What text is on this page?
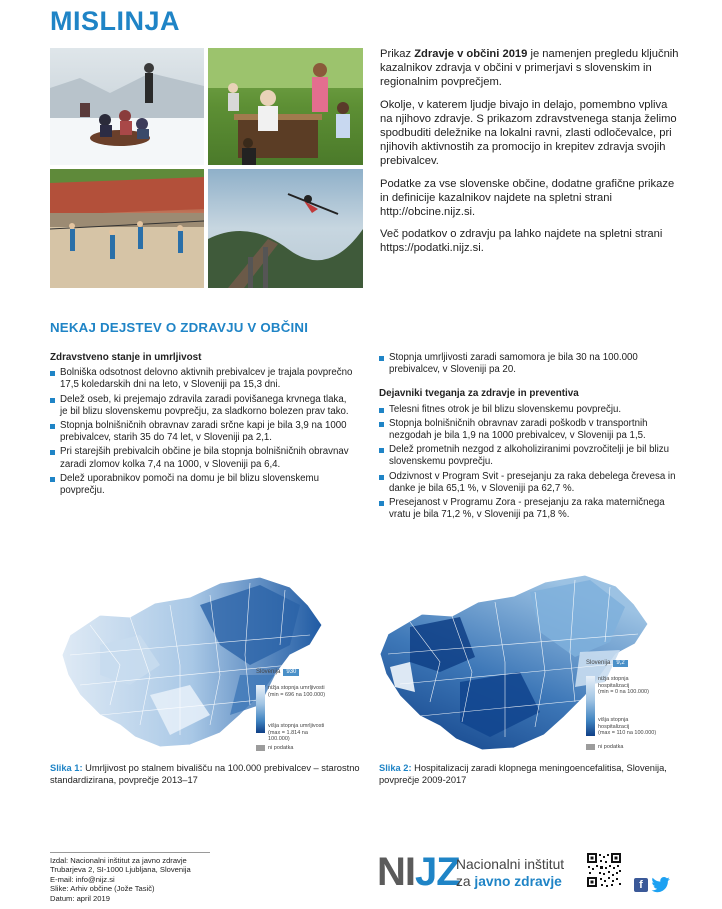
MISLINJA

Prikaz Zdravje v občini 2019 je namenjen pregledu ključnih kazalnikov zdravja v občini v primerjavi s slovenskim in regionalnim povprečjem.

Okolje, v katerem ljudje bivajo in delajo, pomembno vpliva na njihovo zdravje. S prikazom zdravstvenega stanja želimo spodbuditi deležnike na lokalni ravni, zlasti odločevalce, pri njihovih aktivnostih za promocijo in krepitev zdravja svojih prebivalcev.

Podatke za vse slovenske občine, dodatne grafične prikaze in definicije kazalnikov najdete na spletni strani http://obcine.nijz.si.

Več podatkov o zdravju pa lahko najdete na spletni strani https://podatki.nijz.si.

NEKAJ DEJSTEV O ZDRAVJU V OBČINI
Zdravstveno stanje in umrljivost
Bolniška odsotnost delovno aktivnih prebivalcev je trajala povprečno 17,5 koledarskih dni na leto, v Sloveniji pa 15,3 dni.
Delež oseb, ki prejemajo zdravila zaradi povišanega krvnega tlaka, je bil blizu slovenskemu povprečju, za sladkorno bolezen prav tako.
Stopnja bolnišničnih obravnav zaradi srčne kapi je bila 3,9 na 1000 prebivalcev, starih 35 do 74 let, v Sloveniji pa 2,1.
Pri starejših prebivalcih občine je bila stopnja bolnišničnih obravnav zaradi zlomov kolka 7,4 na 1000, v Sloveniji pa 6,4.
Delež uporabnikov pomoči na domu je bil blizu slovenskemu povprečju.
Stopnja umrljivosti zaradi samomora je bila 30 na 100.000 prebivalcev, v Sloveniji pa 20.
Dejavniki tveganja za zdravje in preventiva
Telesni fitnes otrok je bil blizu slovenskemu povprečju.
Stopnja bolnišničnih obravnav zaradi poškodb v transportnih nezgodah je bila 1,9 na 1000 prebivalcev, v Sloveniji pa 1,5.
Delež prometnih nezgod z alkoholiziranimi povzročitelji je bil blizu slovenskemu povprečju.
Odzivnost v Program Svit - presejanju za raka debelega črevesa in danke je bila 65,1 %, v Sloveniji pa 62,7 %.
Presejanost v Programu Zora - presejanju za raka materničnega vratu je bila 71,2 %, v Sloveniji pa 71,8 %.
Slovenija 930
nižja stopnja umrljivosti
(min = 696 na 100.000)
višja stopnja umrljivosti
(max = 1.814 na
100.000)
ni podatka
Slovenija 9,2
nižja stopnja
hospitalizacij
(min = 0 na 100.000)
višja stopnja
hospitalizacij
(max = 110 na 100.000)
ni podatka
Slika 1: Umrljivost po stalnem bivališču na 100.000 prebivalcev – starostno standardizirana, povprečje 2013–17
Slika 2: Hospitalizacij zaradi klopnega meningoencefalitisa, Slovenija, povprečje 2009-2017
Izdal: Nacionalni inštitut za javno zdravje
Trubarjeva 2, SI-1000 Ljubljana, Slovenija
E-mail: info@nijz.si
Slike: Arhiv občine (Jože Tasič)
Datum: april 2019
NIJZ
Nacionalni inštitut
za javno zdravje	f
